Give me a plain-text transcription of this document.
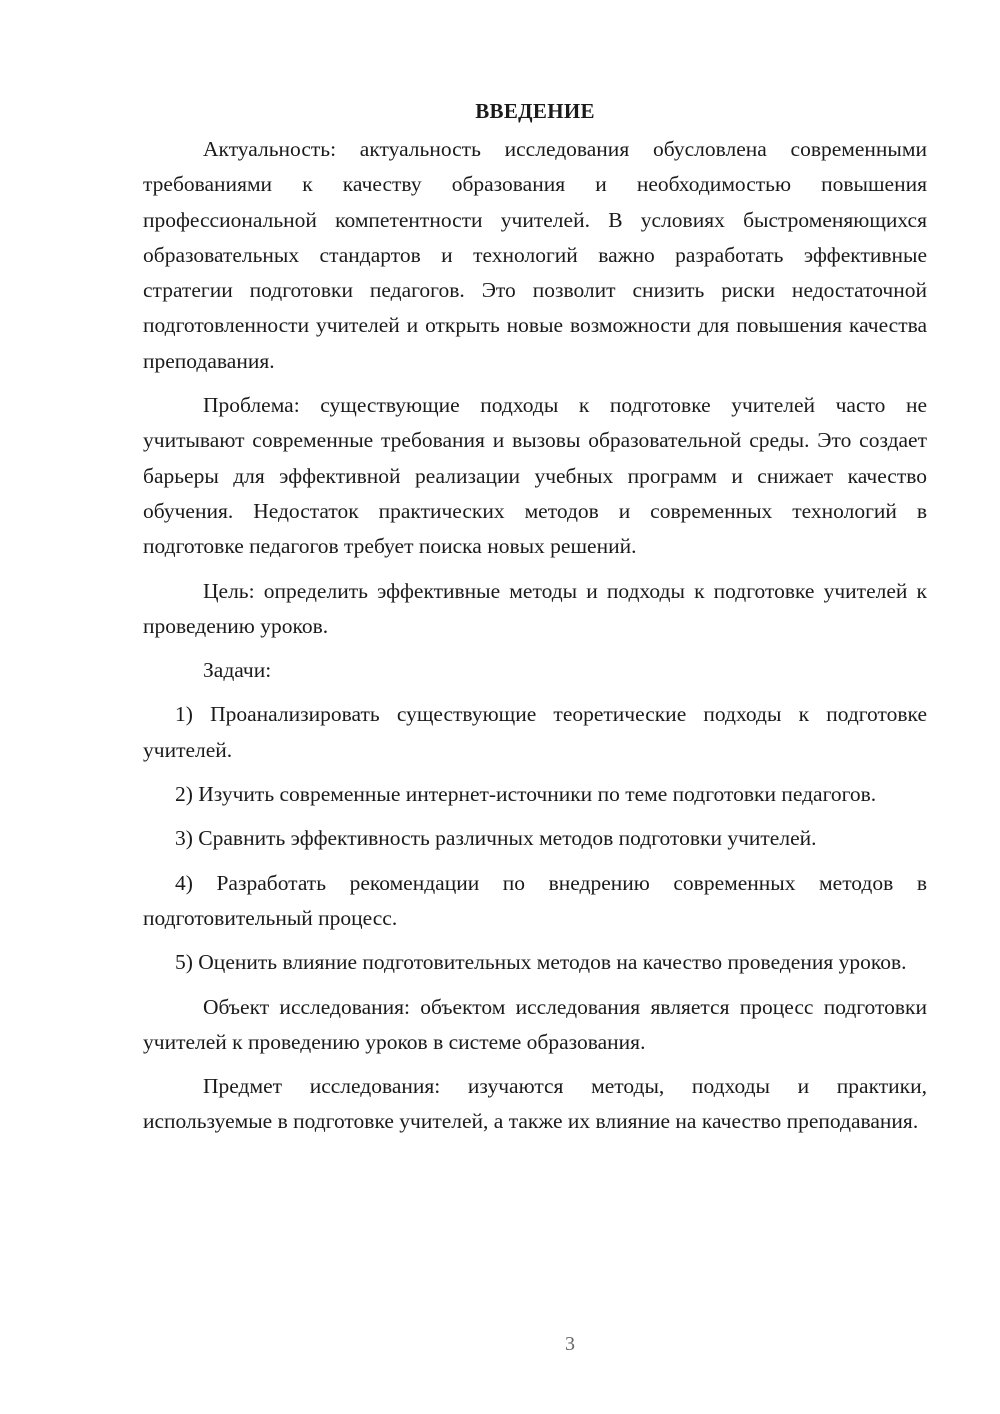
ВВЕДЕНИЕ

Актуальность: актуальность исследования обусловлена современными требованиями к качеству образования и необходимостью повышения профессиональной компетентности учителей. В условиях быстроменяющихся образовательных стандартов и технологий важно разработать эффективные стратегии подготовки педагогов. Это позволит снизить риски недостаточной подготовленности учителей и открыть новые возможности для повышения качества преподавания.

Проблема: существующие подходы к подготовке учителей часто не учитывают современные требования и вызовы образовательной среды. Это создает барьеры для эффективной реализации учебных программ и снижает качество обучения. Недостаток практических методов и современных технологий в подготовке педагогов требует поиска новых решений.

Цель: определить эффективные методы и подходы к подготовке учителей к проведению уроков.

Задачи:

1) Проанализировать существующие теоретические подходы к подготовке учителей.

2) Изучить современные интернет-источники по теме подготовки педагогов.

3) Сравнить эффективность различных методов подготовки учителей.

4) Разработать рекомендации по внедрению современных методов в подготовительный процесс.

5) Оценить влияние подготовительных методов на качество проведения уроков.

Объект исследования: объектом исследования является процесс подготовки учителей к проведению уроков в системе образования.

Предмет исследования: изучаются методы, подходы и практики, используемые в подготовке учителей, а также их влияние на качество преподавания.

3
